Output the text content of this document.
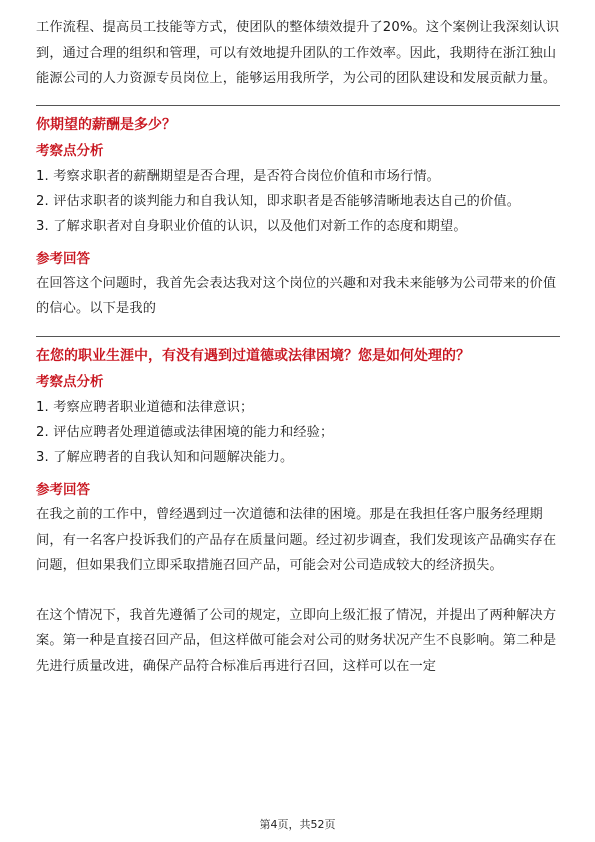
工作流程、提高员工技能等方式，使团队的整体绩效提升了20%。这个案例让我深刻认识到，通过合理的组织和管理，可以有效地提升团队的工作效率。因此，我期待在浙江独山能源公司的人力资源专员岗位上，能够运用我所学，为公司的团队建设和发展贡献力量。

你期望的薪酬是多少？

考察点分析

1. 考察求职者的薪酬期望是否合理，是否符合岗位价值和市场行情。

2. 评估求职者的谈判能力和自我认知，即求职者是否能够清晰地表达自己的价值。

3. 了解求职者对自身职业价值的认识，以及他们对新工作的态度和期望。

参考回答

在回答这个问题时，我首先会表达我对这个岗位的兴趣和对我未来能够为公司带来的价值的信心。以下是我的

在您的职业生涯中，有没有遇到过道德或法律困境？您是如何处理的？

考察点分析

1. 考察应聘者职业道德和法律意识；

2. 评估应聘者处理道德或法律困境的能力和经验；

3. 了解应聘者的自我认知和问题解决能力。

参考回答

在我之前的工作中，曾经遇到过一次道德和法律的困境。那是在我担任客户服务经理期间，有一名客户投诉我们的产品存在质量问题。经过初步调查，我们发现该产品确实存在问题，但如果我们立即采取措施召回产品，可能会对公司造成较大的经济损失。

在这个情况下，我首先遵循了公司的规定，立即向上级汇报了情况，并提出了两种解决方案。第一种是直接召回产品，但这样做可能会对公司的财务状况产生不良影响。第二种是先进行质量改进，确保产品符合标准后再进行召回，这样可以在一定

第4页，共52页
